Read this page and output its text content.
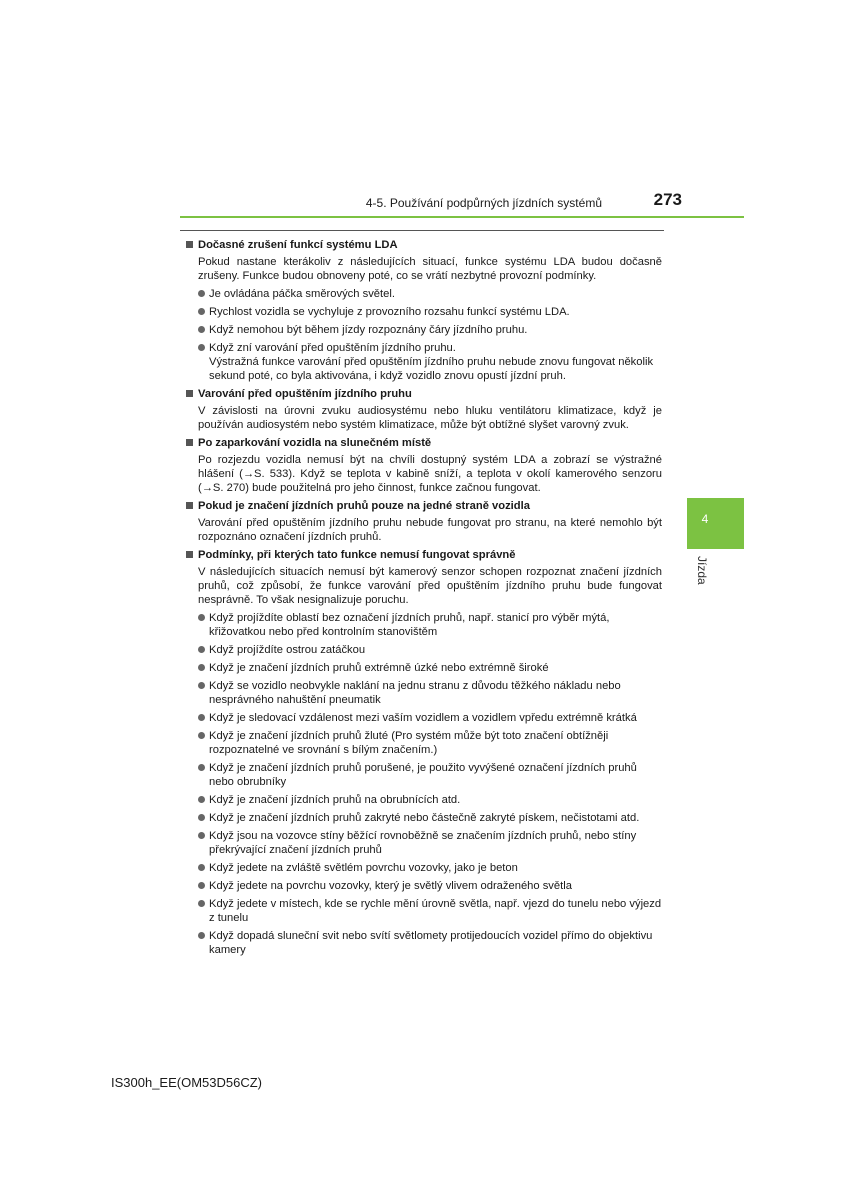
4-5. Používání podpůrných jízdních systémů	273
Dočasné zrušení funkcí systému LDA
Pokud nastane kterákoliv z následujících situací, funkce systému LDA budou dočasně zrušeny. Funkce budou obnoveny poté, co se vrátí nezbytné provozní podmínky.
Je ovládána páčka směrových světel.
Rychlost vozidla se vychyluje z provozního rozsahu funkcí systému LDA.
Když nemohou být během jízdy rozpoznány čáry jízdního pruhu.
Když zní varování před opuštěním jízdního pruhu.
Výstražná funkce varování před opuštěním jízdního pruhu nebude znovu fungovat několik sekund poté, co byla aktivována, i když vozidlo znovu opustí jízdní pruh.
Varování před opuštěním jízdního pruhu
V závislosti na úrovni zvuku audiosystému nebo hluku ventilátoru klimatizace, když je používán audiosystém nebo systém klimatizace, může být obtížné slyšet varovný zvuk.
Po zaparkování vozidla na slunečném místě
Po rozjezdu vozidla nemusí být na chvíli dostupný systém LDA a zobrazí se výstražné hlášení (→S. 533). Když se teplota v kabině sníží, a teplota v okolí kamerového senzoru (→S. 270) bude použitelná pro jeho činnost, funkce začnou fungovat.
Pokud je značení jízdních pruhů pouze na jedné straně vozidla
Varování před opuštěním jízdního pruhu nebude fungovat pro stranu, na které nemohlo být rozpoznáno označení jízdních pruhů.
Podmínky, při kterých tato funkce nemusí fungovat správně
V následujících situacích nemusí být kamerový senzor schopen rozpoznat značení jízdních pruhů, což způsobí, že funkce varování před opuštěním jízdního pruhu bude fungovat nesprávně. To však nesignalizuje poruchu.
Když projíždíte oblastí bez označení jízdních pruhů, např. stanicí pro výběr mýtá, křižovatkou nebo před kontrolním stanovištěm
Když projíždíte ostrou zatáčkou
Když je značení jízdních pruhů extrémně úzké nebo extrémně široké
Když se vozidlo neobvykle naklání na jednu stranu z důvodu těžkého nákladu nebo nesprávného nahuštění pneumatik
Když je sledovací vzdálenost mezi vaším vozidlem a vozidlem vpředu extrémně krátká
Když je značení jízdních pruhů žluté (Pro systém může být toto značení obtížněji rozpoznatelné ve srovnání s bílým značením.)
Když je značení jízdních pruhů porušené, je použito vyvýšené označení jízdních pruhů nebo obrubníky
Když je značení jízdních pruhů na obrubnících atd.
Když je značení jízdních pruhů zakryté nebo částečně zakryté pískem, nečistotami atd.
Když jsou na vozovce stíny běžící rovnoběžně se značením jízdních pruhů, nebo stíny překrývající značení jízdních pruhů
Když jedete na zvláště světlém povrchu vozovky, jako je beton
Když jedete na povrchu vozovky, který je světlý vlivem odraženého světla
Když jedete v místech, kde se rychle mění úrovně světla, např. vjezd do tunelu nebo výjezd z tunelu
Když dopadá sluneční svit nebo svítí světlomety protijedoucích vozidel přímo do objektivu kamery
4
Jízda
IS300h_EE(OM53D56CZ)
